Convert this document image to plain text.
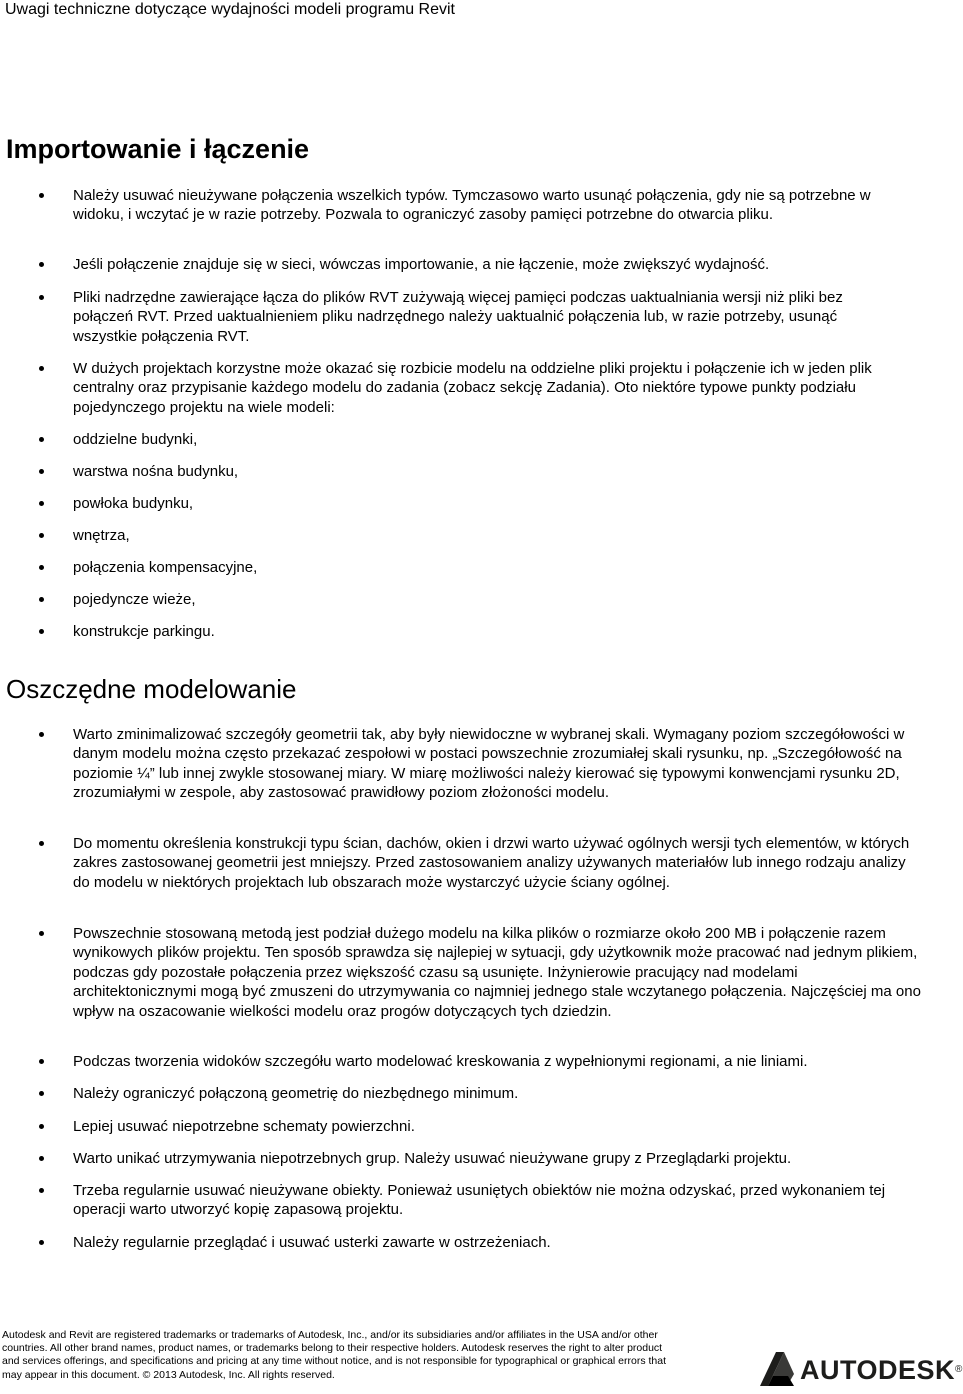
Uwagi techniczne dotyczące wydajności modeli programu Revit
Importowanie i łączenie

Należy usuwać nieużywane połączenia wszelkich typów. Tymczasowo warto usunąć połączenia, gdy nie są potrzebne w widoku, i wczytać je w razie potrzeby. Pozwala to ograniczyć zasoby pamięci potrzebne do otwarcia pliku.

Jeśli połączenie znajduje się w sieci, wówczas importowanie, a nie łączenie, może zwiększyć wydajność.

Pliki nadrzędne zawierające łącza do plików RVT zużywają więcej pamięci podczas uaktualniania wersji niż pliki bez połączeń RVT. Przed uaktualnieniem pliku nadrzędnego należy uaktualnić połączenia lub, w razie potrzeby, usunąć wszystkie połączenia RVT.

W dużych projektach korzystne może okazać się rozbicie modelu na oddzielne pliki projektu i połączenie ich w jeden plik centralny oraz przypisanie każdego modelu do zadania (zobacz sekcję Zadania). Oto niektóre typowe punkty podziału pojedynczego projektu na wiele modeli:

oddzielne budynki,

warstwa nośna budynku,

powłoka budynku,

wnętrza,

połączenia kompensacyjne,

pojedyncze wieże,

konstrukcje parkingu.

Oszczędne modelowanie

Warto zminimalizować szczegóły geometrii tak, aby były niewidoczne w wybranej skali. Wymagany poziom szczegółowości w danym modelu można często przekazać zespołowi w postaci powszechnie zrozumiałej skali rysunku, np. „Szczegółowość na poziomie ¼” lub innej zwykle stosowanej miary. W miarę możliwości należy kierować się typowymi konwencjami rysunku 2D, zrozumiałymi w zespole, aby zastosować prawidłowy poziom złożoności modelu.

Do momentu określenia konstrukcji typu ścian, dachów, okien i drzwi warto używać ogólnych wersji tych elementów, w których zakres zastosowanej geometrii jest mniejszy. Przed zastosowaniem analizy używanych materiałów lub innego rodzaju analizy do modelu w niektórych projektach lub obszarach może wystarczyć użycie ściany ogólnej.

Powszechnie stosowaną metodą jest podział dużego modelu na kilka plików o rozmiarze około 200 MB i połączenie razem wynikowych plików projektu. Ten sposób sprawdza się najlepiej w sytuacji, gdy użytkownik może pracować nad jednym plikiem, podczas gdy pozostałe połączenia przez większość czasu są usunięte. Inżynierowie pracujący nad modelami architektonicznymi mogą być zmuszeni do utrzymywania co najmniej jednego stale wczytanego połączenia. Najczęściej ma ono wpływ na oszacowanie wielkości modelu oraz progów dotyczących tych dziedzin.

Podczas tworzenia widoków szczegółu warto modelować kreskowania z wypełnionymi regionami, a nie liniami.

Należy ograniczyć połączoną geometrię do niezbędnego minimum.

Lepiej usuwać niepotrzebne schematy powierzchni.

Warto unikać utrzymywania niepotrzebnych grup. Należy usuwać nieużywane grupy z Przeglądarki projektu.

Trzeba regularnie usuwać nieużywane obiekty. Ponieważ usuniętych obiektów nie można odzyskać, przed wykonaniem tej operacji warto utworzyć kopię zapasową projektu.

Należy regularnie przeglądać i usuwać usterki zawarte w ostrzeżeniach.

Autodesk and Revit are registered trademarks or trademarks of Autodesk, Inc., and/or its subsidiaries and/or affiliates in the USA and/or other
countries. All other brand names, product names, or trademarks belong to their respective holders. Autodesk reserves the right to alter product
and services offerings, and specifications and pricing at any time without notice, and is not responsible for typographical or graphical errors that
may appear in this document. © 2013 Autodesk, Inc. All rights reserved.	AUTODESK®
